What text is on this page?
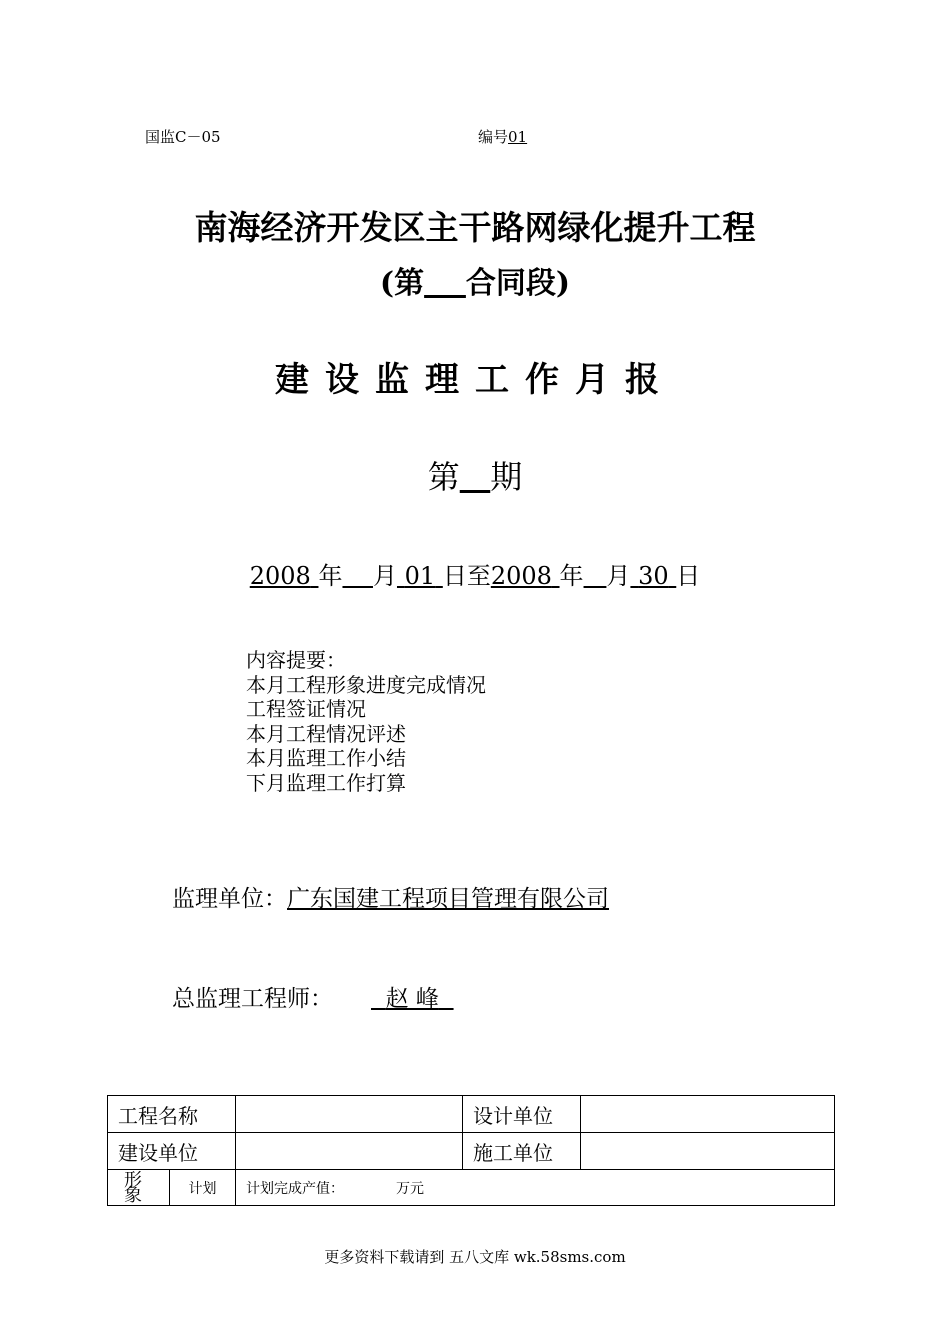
国监C－05	编号01
南海经济开发区主干路网绿化提升工程
(第 合同段)
建设监理工作月报
第 期
2008 年 月 01 日至2008 年 月 30 日
内容提要：
本月工程形象进度完成情况
工程签证情况
本月工程情况评述
本月监理工作小结
下月监理工作打算
监理单位：广东国建工程项目管理有限公司
总监理工程师： 赵 峰
工程名称			设计单位	
建设单位			施工单位	

形
象	计划	计划完成产值： 万元		
更多资料下载请到 五八文库 wk.58sms.com
